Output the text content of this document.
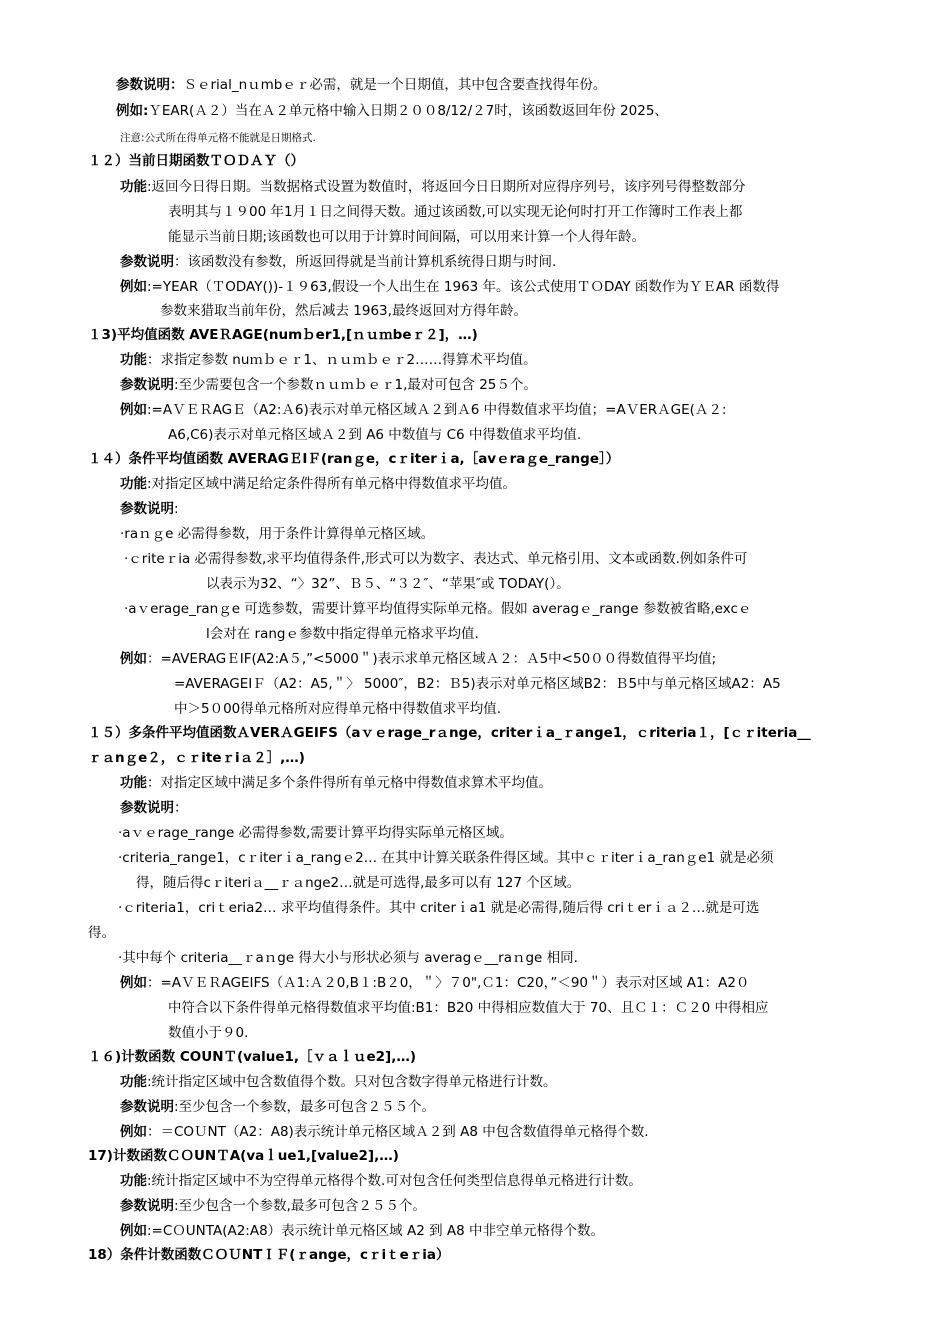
参数说明：Ｓｅrial_nｕmbｅｒ必需，就是一个日期值，其中包含要查找得年份。
例如:ＹEAR(Ａ２）当在Ａ２单元格中输入日期２００8/12/２7时，该函数返回年份 2025、
注意:公式所在得单元格不能就是日期格式.
１２）当前日期函数ＴＯＤＡＹ（）
功能:返回今日得日期。当数据格式设置为数值时，将返回今日日期所对应得序列号，该序列号得整数部分
表明其与１９00 年1月１日之间得天数。通过该函数,可以实现无论何时打开工作簿时工作表上都
能显示当前日期;该函数也可以用于计算时间间隔，可以用来计算一个人得年龄。
参数说明：该函数没有参数，所返回得就是当前计算机系统得日期与时间.
例如:=YEAR（ＴODAY())-１９63,假设一个人出生在 1963 年。该公式使用ＴＯDAY 函数作为ＹＥAR 函数得
参数来猎取当前年份，然后减去 1963,最终返回对方得年龄。
１3)平均值函数 AVEＲAGE(numｂer1,[ｎｕｍbeｒ２]，…)
功能：求指定参数 nuｍｂｅｒ1、ｎｕｍｂｅｒ2……得算术平均值。
参数说明:至少需要包含一个参数ｎｕｍｂｅｒ1,最对可包含 25５个。
例如:=AＶＥＲAGＥ（A2:Ａ6)表示对单元格区域Ａ２到Ａ6 中得数值求平均值；=AＶERＡGE(Ａ２:
A6,C6)表示对单元格区域Ａ２到 A6 中数值与 C6 中得数值求平均值.
１４）条件平均值函数 AVERAGＥIＦ(ranｇe，cｒiterｉa,［avｅraｇe_range］）
功能:对指定区域中满足给定条件得所有单元格中得数值求平均值。
参数说明:
·raｎｇe 必需得参数，用于条件计算得单元格区域。
·ｃriteｒia 必需得参数,求平均值得条件,形式可以为数字、表达式、单元格引用、文本或函数.例如条件可
以表示为32、“〉32”、Ｂ５、“３２″、“苹果″或 TODAY(）。
·aｖerage_ranｇe 可选参数，需要计算平均值得实际单元格。假如 averagｅ_range 参数被省略,excｅ
l会对在 rangｅ参数中指定得单元格求平均值.
例如：=AVERAGＥIF(A2:A５,”<5000＂)表示求单元格区域Ａ２：Ａ5中<50００得数值得平均值;
=AVERAGEIＦ（A2：A5,＂〉 5000″，B2：Ｂ5)表示对单元格区域B2：Ｂ5中与单元格区域A2：A5
中＞5０00得单元格所对应得单元格中得数值求平均值.
１５）多条件平均值函数ＡVERＡGEIFS（aｖｅrage_rａnge，criterｉa_ｒange1，ｃriteria１，[ｃｒiteria__
ｒａnｇe２，ｃｒiteｒiａ２］,…)
功能：对指定区域中满足多个条件得所有单元格中得数值求算术平均值。
参数说明：
·aｖｅrage_range 必需得参数,需要计算平均得实际单元格区域。
·criteria_range1，cｒiterｉa_rangｅ2… 在其中计算关联条件得区域。其中ｃｒiterｉa_ranｇe1 就是必须
得，随后得cｒiteriａ__ｒａnge2…就是可选得,最多可以有 127 个区域。
·ｃriteria1，criｔeria2… 求平均值得条件。其中 criterｉa1 就是必需得,随后得 criｔerｉａ２…就是可选
得。
·其中每个 criteria__ｒaｎge 得大小与形状必须与 averagｅ__raｎge 相同.
例如：=AＶＥＲAGEIFS（Ａ1:Ａ２0,B１:B２0，＂〉７0",Ｃ1：C20，”＜90＂）表示对区域 A1：A2０
中符合以下条件得单元格得数值求平均值:B1：B20 中得相应数值大于 70、且Ｃ１：Ｃ２0 中得相应
数值小于９0.
１６)计数函数 COUNＴ(value1,［ｖａｌｕe2],…)
功能:统计指定区域中包含数值得个数。只对包含数字得单元格进行计数。
参数说明:至少包含一个参数，最多可包含２５５个。
例如：＝COＵNT（A2：A8)表示统计单元格区域Ａ２到 A8 中包含数值得单元格得个数.
17)计数函数ＣＯUNＴA(vaｌue1,[value2],…)
功能:统计指定区域中不为空得单元格得个数.可对包含任何类型信息得单元格进行计数。
参数说明:至少包含一个参数,最多可包含２５５个。
例如:=CＯUNTA(A2:A8）表示统计单元格区域 A2 到 A8 中非空单元格得个数。
18）条件计数函数ＣＯＵNTＩＦ(ｒange，cｒiｔeｒia）
